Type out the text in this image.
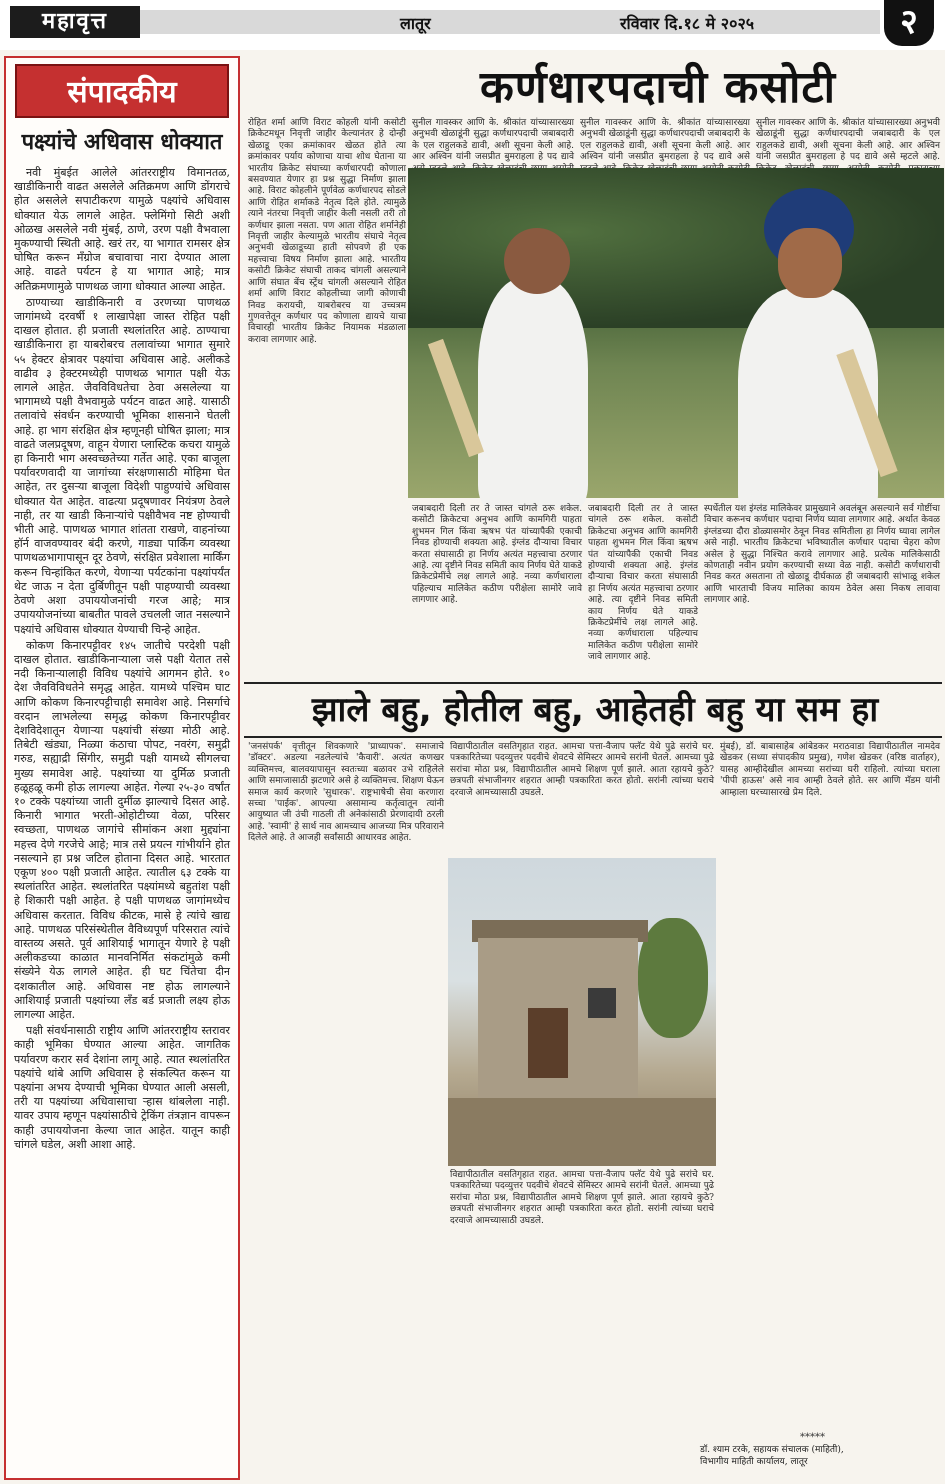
महावृत्त	लातूर	रविवार दि.१८ मे २०२५	२
संपादकीय
पक्ष्यांचे अधिवास धोक्यात

नवी मुंबईत आलेले आंतरराष्ट्रीय विमानतळ, खाडीकिनारी वाढत असलेले अतिक्रमण आणि डोंगराचे होत असलेले सपाटीकरण यामुळे पक्ष्यांचे अधिवास धोक्यात येऊ लागले आहेत. फ्लेमिंगो सिटी अशी ओळख असलेले नवी मुंबई, ठाणे, उरण पक्षी वैभवाला मुकण्याची स्थिती आहे. खरं तर, या भागात रामसर क्षेत्र घोषित करून मॅंग्रोज बचावाचा नारा देण्यात आला आहे. वाढते पर्यटन हे या भागात आहे; मात्र अतिक्रमणामुळे पाणथळ जागा धोक्यात आल्या आहेत.

ठाण्याच्या खाडीकिनारी व उरणच्या पाणथळ जागांमध्ये दरवर्षी १ लाखापेक्षा जास्त रोहित पक्षी दाखल होतात. ही प्रजाती स्थलांतरित आहे. ठाण्याचा खाडीकिनारा हा याबरोबरच तलावांच्या भागात सुमारे ५५ हेक्टर क्षेत्रावर पक्ष्यांचा अधिवास आहे. अलीकडे वाढीव ३ हेक्टरमध्येही पाणथळ भागात पक्षी येऊ लागले आहेत. जैवविविधतेचा ठेवा असलेल्या या भागामध्ये पक्षी वैभवामुळे पर्यटन वाढत आहे. यासाठी तलावांचे संवर्धन करण्याची भूमिका शासनाने घेतली आहे. हा भाग संरक्षित क्षेत्र म्हणूनही घोषित झाला; मात्र वाढते जलप्रदूषण, वाहून येणारा प्लास्टिक कचरा यामुळे हा किनारी भाग अस्वच्छतेच्या गर्तेत आहे. एका बाजूला पर्यावरणवादी या जागांच्या संरक्षणासाठी मोहिमा घेत आहेत, तर दुसऱ्या बाजूला विदेशी पाहुण्यांचे अधिवास धोक्यात येत आहेत. वाढत्या प्रदूषणावर नियंत्रण ठेवले नाही, तर या खाडी किनाऱ्यांचे पक्षीवैभव नष्ट होण्याची भीती आहे. पाणथळ भागात शांतता राखणे, वाहनांच्या हॉर्न वाजवण्यावर बंदी करणे, गाड्या पार्किंग व्यवस्था पाणथळभागापासून दूर ठेवणे, संरक्षित प्रवेशाला मार्किंग करून चिन्हांकित करणे, येणाऱ्या पर्यटकांना पक्ष्यांपर्यंत थेट जाऊ न देता दुर्बिणीतून पक्षी पाहण्याची व्यवस्था ठेवणे अशा उपाययोजनांची गरज आहे; मात्र उपाययोजनांच्या बाबतीत पावले उचलली जात नसल्याने पक्ष्यांचे अधिवास धोक्यात येण्याची चिन्हे आहेत.

कोकण किनारपट्टीवर १४५ जातीचे परदेशी पक्षी दाखल होतात. खाडीकिनाऱ्याला जसे पक्षी येतात तसे नदी किनाऱ्यालाही विविध पक्ष्यांचे आगमन होते. १० देश जैवविविधतेने समृद्ध आहेत. यामध्ये पश्चिम घाट आणि कोकण किनारपट्टीचाही समावेश आहे. निसर्गाचे वरदान लाभलेल्या समृद्ध कोकण किनारपट्टीवर देशविदेशातून येणाऱ्या पक्ष्यांची संख्या मोठी आहे. तिबेटी खंड्या, निळ्या कंठाचा पोपट, नवरंग, समुद्री गरुड, सह्याद्री सिंगीर, समुद्री पक्षी यामध्ये सीगलचा मुख्य समावेश आहे. पक्ष्यांच्या या दुर्मिळ प्रजाती हळूहळू कमी होऊ लागल्या आहेत. गेल्या २५-३० वर्षांत १० टक्के पक्ष्यांच्या जाती दुर्मीळ झाल्याचे दिसत आहे. किनारी भागात भरती-ओहोटीच्या वेळा, परिसर स्वच्छता, पाणथळ जागांचे सीमांकन अशा मुद्द्यांना महत्त्व देणे गरजेचे आहे; मात्र तसे प्रयत्न गांभीर्याने होत नसल्याने हा प्रश्न जटिल होताना दिसत आहे. भारतात एकूण ४०० पक्षी प्रजाती आहेत. त्यातील ६३ टक्के या स्थलांतरित आहेत. स्थलांतरित पक्ष्यांमध्ये बहुतांश पक्षी हे शिकारी पक्षी आहेत. हे पक्षी पाणथळ जागांमध्येच अधिवास करतात. विविध कीटक, मासे हे त्यांचे खाद्य आहे. पाणथळ परिसंस्थेतील वैविध्यपूर्ण परिसरात त्यांचे वास्तव्य असते. पूर्व आशियाई भागातून येणारे हे पक्षी अलीकडच्या काळात मानवनिर्मित संकटांमुळे कमी संख्येने येऊ लागले आहेत. ही घट चिंतेचा दीन दशकातील आहे. अधिवास नष्ट होऊ लागल्याने आशियाई प्रजाती पक्ष्यांच्या लॅंड बर्ड प्रजाती लक्ष्य होऊ लागल्या आहेत.

पक्षी संवर्धनासाठी राष्ट्रीय आणि आंतरराष्ट्रीय स्तरावर काही भूमिका घेण्यात आल्या आहेत. जागतिक पर्यावरण करार सर्व देशांना लागू आहे. त्यात स्थलांतरित पक्ष्यांचे थांबे आणि अधिवास हे संकल्पित करून या पक्ष्यांना अभय देण्याची भूमिका घेण्यात आली असली, तरी या पक्ष्यांच्या अधिवासाचा ऱ्हास थांबलेला नाही. यावर उपाय म्हणून पक्ष्यांसाठीचे ट्रेकिंग तंत्रज्ञान वापरून काही उपाययोजना केल्या जात आहेत. यातून काही चांगले घडेल, अशी आशा आहे.

कर्णधारपदाची कसोटी
रोहित शर्मा आणि विराट कोहली यांनी कसोटी क्रिकेटमधून निवृत्ती जाहीर केल्यानंतर हे दोन्ही खेळाडू एका क्रमांकावर खेळत होते त्या क्रमांकावर पर्याय कोणाचा याचा शोध घेताना या भारतीय क्रिकेट संघाच्या कर्णधारपदी कोणाला बसवण्यात येणार हा प्रश्न सुद्धा निर्माण झाला आहे. विराट कोहलीने पूर्णवेळ कर्णधारपद सोडले आणि रोहित शर्माकडे नेतृत्व दिले होते. त्यामुळे त्याने नंतरचा निवृत्ती जाहीर केली नसली तरी तो कर्णधार झाला नसता. पण आता रोहित शर्मानेही निवृत्ती जाहीर केल्यामुळे भारतीय संघाचे नेतृत्व अनुभवी खेळाडूच्या हाती सोपवणे ही एक महत्त्वाचा विषय निर्माण झाला आहे. भारतीय कसोटी क्रिकेट संघाची ताकद चांगली असल्याने आणि संघात बेंच स्ट्रेंथ चांगली असल्याने रोहित शर्मा आणि विराट कोहलीच्या जागी कोणाची निवड करायची, याबरोबरच या उच्चत्रम गुणवत्तेतून कर्णधार पद कोणाला द्यायचे याचा विचारही भारतीय क्रिकेट नियामक मंडळाला करावा लागणार आहे.
सुनील गावस्कर आणि के. श्रीकांत यांच्यासारख्या अनुभवी खेळाडूंनी सुद्धा कर्णधारपदाची जबाबदारी के एल राहुलकडे द्यावी, अशी सूचना केली आहे. आर अश्विन यांनी जसप्रीत बुमराहला हे पद द्यावे
सुनील गावस्कर आणि के. श्रीकांत यांच्यासारख्या अनुभवी खेळाडूंनी सुद्धा कर्णधारपदाची जबाबदारी के एल राहुलकडे द्यावी, अशी सूचना केली आहे. आर अश्विन यांनी जसप्रीत बुमराहला हे पद द्यावे असे
सुनील गावस्कर आणि के. श्रीकांत यांच्यासारख्या अनुभवी खेळाडूंनी सुद्धा कर्णधारपदाची जबाबदारी के एल राहुलकडे द्यावी, अशी सूचना केली आहे. आर अश्विन यांनी जसप्रीत बुमराहला हे पद द्यावे असे म्हटले आहे.
जबाबदारी दिली तर ते जास्त चांगले ठरू शकेल. कसोटी क्रिकेटचा अनुभव आणि कामगिरी पाहता शुभमन गिल किंवा ऋषभ पंत यांच्यापैकी एकाची निवड होण्याची शक्यता आहे. इंग्लंड दौऱ्याचा विचार करता संघासाठी हा निर्णय अत्यंत महत्त्वाचा ठरणार आहे. त्या दृष्टीने निवड समिती काय निर्णय घेते याकडे क्रिकेटप्रेमींचे लक्ष लागले आहे. नव्या कर्णधाराला पहिल्याच मालिकेत कठीण परीक्षेला सामोरे जावे लागणार आहे.
जबाबदारी दिली तर ते जास्त चांगले ठरू शकेल. कसोटी क्रिकेटचा अनुभव आणि कामगिरी पाहता शुभमन गिल किंवा ऋषभ पंत यांच्यापैकी एकाची निवड होण्याची शक्यता आहे. इंग्लंड दौऱ्याचा विचार करता संघासाठी हा निर्णय अत्यंत महत्त्वाचा ठरणार आहे. त्या दृष्टीने निवड समिती काय निर्णय घेते याकडे क्रिकेटप्रेमींचे लक्ष लागले आहे. नव्या कर्णधाराला पहिल्याच मालिकेत कठीण परीक्षेला सामोरे जावे लागणार आहे.
स्पर्धेतील यश इंग्लंड मालिकेवर प्रामुख्याने अवलंबून असल्याने सर्व गोष्टींचा विचार करूनच कर्णधार पदाचा निर्णय घ्यावा लागणार आहे. अर्थात केवळ इंग्लंडच्या दौरा डोळ्यासमोर ठेवून निवड समितीला हा निर्णय घ्यावा लागेल असे नाही. भारतीय क्रिकेटचा भविष्यातील कर्णधार पदाचा चेहरा कोण असेल हे सुद्धा निश्चित करावे लागणार आहे. प्रत्येक मालिकेसाठी कोणताही नवीन प्रयोग करण्याची सध्या वेळ नाही. कसोटी कर्णधाराची निवड करत असताना तो खेळाडू दीर्घकाळ ही जबाबदारी सांभाळू शकेल आणि भारताची विजय मालिका कायम ठेवेल असा निकष लावावा लागणार आहे.
झाले बहु, होतील बहु, आहेतही बहु या सम हा
'जनसंपर्क' वृत्तीतून शिवकणारे 'प्राध्यापक'. समाजाचे 'डॉक्टर'. अडल्या नडलेल्यांचे 'कैवारी'. अत्यंत कणखर व्यक्तिमत्त्व, बालवयापासून स्वतःच्या बळावर उभे राहिलेले आणि समाजासाठी झटणारे असे हे व्यक्तिमत्त्व. शिक्षण घेऊन समाज कार्य करणारे 'सुधारक'. राष्ट्रभाषेची सेवा करणारा सच्चा 'पाईक'. आपल्या असामान्य कर्तृत्वातून त्यांनी आयुष्यात जी उंची गाठली ती अनेकांसाठी प्रेरणादायी ठरली आहे. 'स्वामी' हे सार्थ नाव आमच्याच आजच्या मित्र परिवाराने दिलेले आहे. ते आजही सर्वांसाठी आधारवड आहेत.
विद्यापीठातील वसतिगृहात राहत. आमचा पत्ता-वैजाप फ्लॅट येथे पुढे सरांचे घर. पत्रकारितेच्या पदव्युत्तर पदवीचे शेवटचे सेमिस्टर आमचे सरांनी घेतले. आमच्या पुढे सरांचा मोठा प्रश्न, विद्यापीठातील आमचे शिक्षण पूर्ण झाले. आता रहायचे कुठे? छत्रपती संभाजीनगर शहरात आम्ही पत्रकारिता करत होतो. सरांनी त्यांच्या घराचे दरवाजे आमच्यासाठी उघडले.
विद्यापीठातील वसतिगृहात राहत. आमचा पत्ता-वैजाप फ्लॅट येथे पुढे सरांचे घर. पत्रकारितेच्या पदव्युत्तर पदवीचे शेवटचे सेमिस्टर आमचे सरांनी घेतले. आमच्या पुढे सरांचा मोठा प्रश्न, विद्यापीठातील आमचे शिक्षण पूर्ण झाले. आता रहायचे कुठे? छत्रपती संभाजीनगर शहरात आम्ही पत्रकारिता करत होतो. सरांनी त्यांच्या घराचे दरवाजे आमच्यासाठी उघडले.
मुंबई), डॉ. बाबासाहेब आंबेडकर मराठवाडा विद्यापीठातील नामदेव खेडकर (सध्या संपादकीय प्रमुख), गणेश खेडकर (वरिष्ठ वार्ताहर), यासह आम्हीदेखील आमच्या सरांच्या घरी राहिलो. त्यांच्या घराला 'पीपी हाऊस' असे नाव आम्ही ठेवले होते. सर आणि मॅडम यांनी आम्हाला घरच्यासारखे प्रेम दिले.
*****
डॉ. श्याम टरके, सहायक संचालक (माहिती),
विभागीय माहिती कार्यालय, लातूर
